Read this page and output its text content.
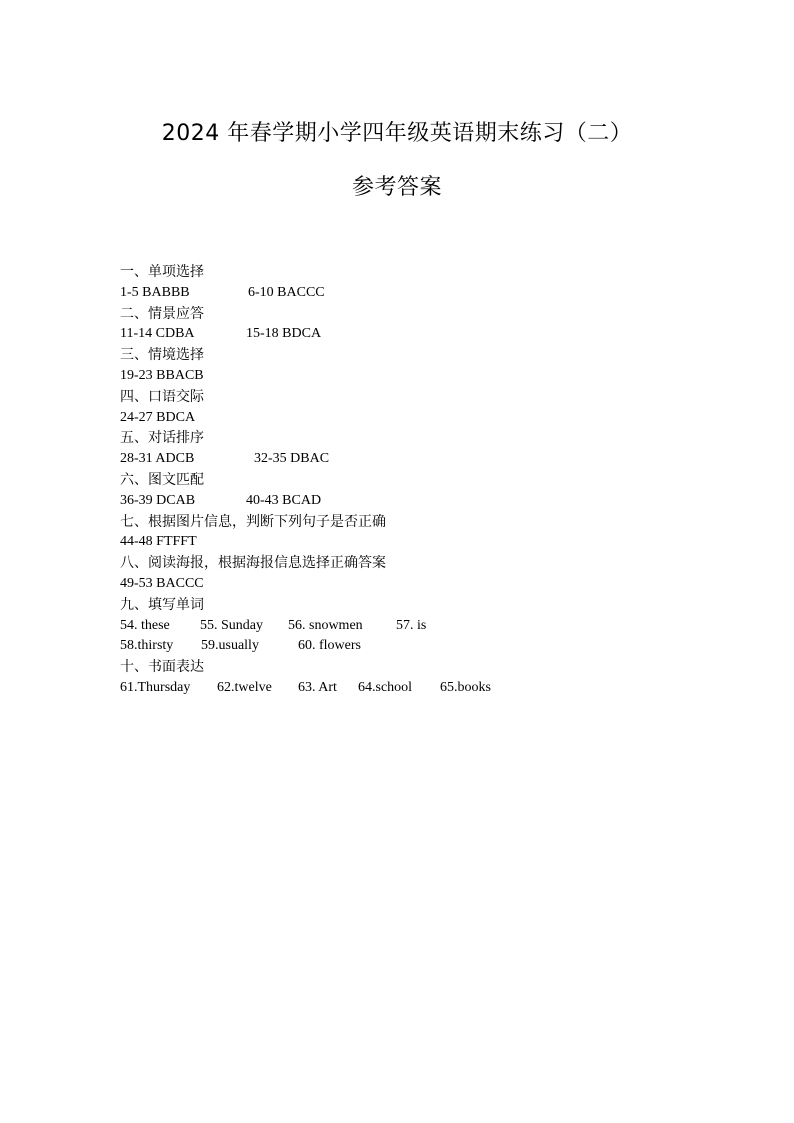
2024 年春学期小学四年级英语期末练习（二）
参考答案
一、单项选择
1-5 BABBB	6-10 BACCC
二、情景应答
11-14 CDBA	15-18 BDCA
三、情境选择
19-23 BBACB
四、口语交际
24-27 BDCA
五、对话排序
28-31 ADCB	32-35 DBAC
六、图文匹配
36-39 DCAB	40-43 BCAD
七、根据图片信息，判断下列句子是否正确
44-48 FTFFT
八、阅读海报，根据海报信息选择正确答案
49-53 BACCC
九、填写单词
54. these 55. Sunday 56. snowmen 57. is
58.thirsty 59.usually	60. flowers
十、书面表达
61.Thursday 62.twelve 63. Art 64.school 65.books
